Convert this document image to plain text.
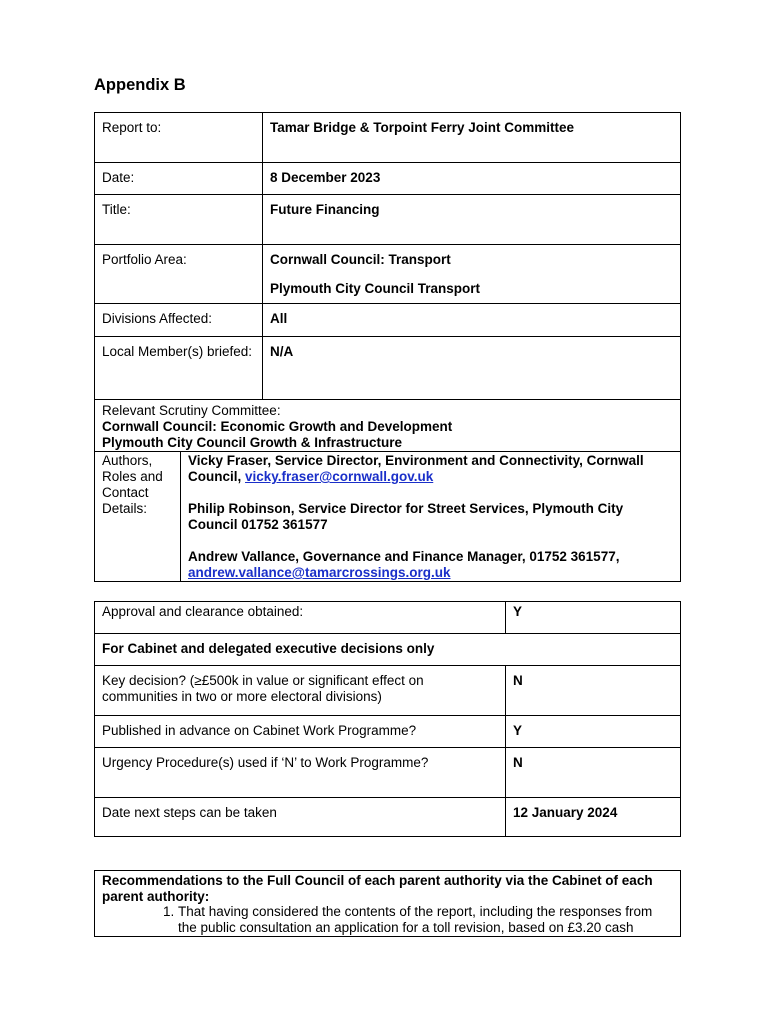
Appendix B
Report to:	Tamar Bridge & Torpoint Ferry Joint Committee
Date:	8 December 2023
Title:	Future Financing
Portfolio Area:	Cornwall Council: Transport
Plymouth City Council Transport

Divisions Affected:	All
Local Member(s) briefed:	N/A

Relevant Scrutiny Committee:
Cornwall Council: Economic Growth and Development
Plymouth City Council Growth & Infrastructure

Authors, Roles and Contact Details:	
Vicky Fraser, Service Director, Environment and Connectivity, Cornwall Council, vicky.fraser@cornwall.gov.uk
Philip Robinson, Service Director for Street Services, Plymouth City Council 01752 361577
Andrew Vallance, Governance and Finance Manager, 01752 361577,
andrew.vallance@tamarcrossings.org.uk
Approval and clearance obtained:	Y
For Cabinet and delegated executive decisions only	
Key decision? (≥£500k in value or significant effect on communities in two or more electoral divisions)	N
Published in advance on Cabinet Work Programme?	Y
Urgency Procedure(s) used if ‘N’ to Work Programme?	N
Date next steps can be taken	12 January 2024
Recommendations to the Full Council of each parent authority via the Cabinet of each parent authority:
1. That having considered the contents of the report, including the responses from the public consultation an application for a toll revision, based on £3.20 cash
